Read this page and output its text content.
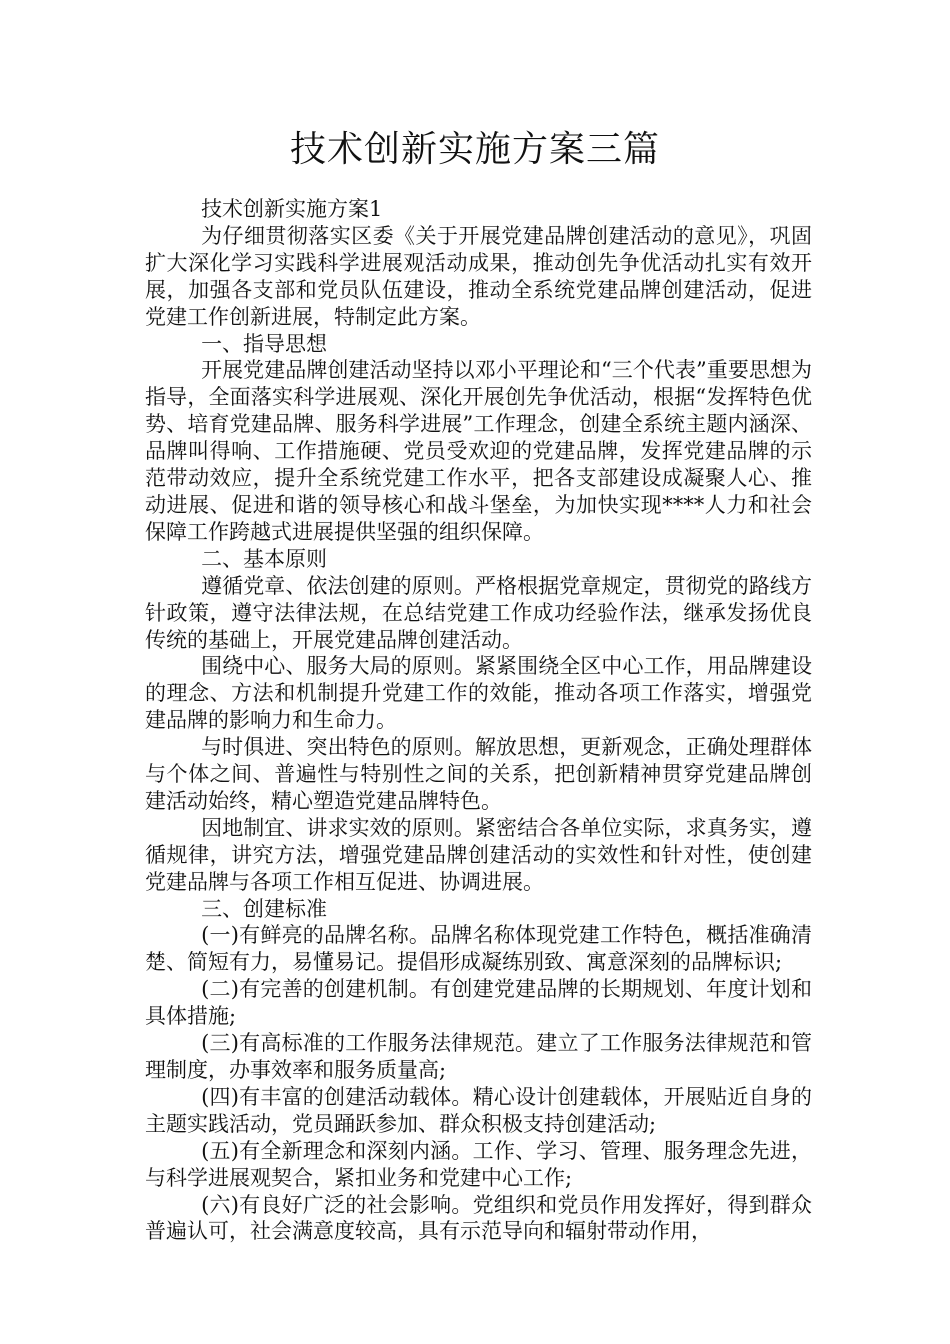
技术创新实施方案三篇

技术创新实施方案1

为仔细贯彻落实区委《关于开展党建品牌创建活动的意见》，巩固扩大深化学习实践科学进展观活动成果，推动创先争优活动扎实有效开展，加强各支部和党员队伍建设，推动全系统党建品牌创建活动，促进党建工作创新进展，特制定此方案。

一、指导思想

开展党建品牌创建活动坚持以邓小平理论和“三个代表”重要思想为指导，全面落实科学进展观、深化开展创先争优活动，根据“发挥特色优势、培育党建品牌、服务科学进展”工作理念，创建全系统主题内涵深、品牌叫得响、工作措施硬、党员受欢迎的党建品牌，发挥党建品牌的示范带动效应，提升全系统党建工作水平，把各支部建设成凝聚人心、推动进展、促进和谐的领导核心和战斗堡垒，为加快实现****人力和社会保障工作跨越式进展提供坚强的组织保障。

二、基本原则

遵循党章、依法创建的原则。严格根据党章规定，贯彻党的路线方针政策，遵守法律法规，在总结党建工作成功经验作法，继承发扬优良传统的基础上，开展党建品牌创建活动。

围绕中心、服务大局的原则。紧紧围绕全区中心工作，用品牌建设的理念、方法和机制提升党建工作的效能，推动各项工作落实，增强党建品牌的影响力和生命力。

与时俱进、突出特色的原则。解放思想，更新观念，正确处理群体与个体之间、普遍性与特别性之间的关系，把创新精神贯穿党建品牌创建活动始终，精心塑造党建品牌特色。

因地制宜、讲求实效的原则。紧密结合各单位实际，求真务实，遵循规律，讲究方法，增强党建品牌创建活动的实效性和针对性，使创建党建品牌与各项工作相互促进、协调进展。

三、创建标准

(一)有鲜亮的品牌名称。品牌名称体现党建工作特色，概括准确清楚、简短有力，易懂易记。提倡形成凝练别致、寓意深刻的品牌标识;

(二)有完善的创建机制。有创建党建品牌的长期规划、年度计划和具体措施;

(三)有高标准的工作服务法律规范。建立了工作服务法律规范和管理制度，办事效率和服务质量高;

(四)有丰富的创建活动载体。精心设计创建载体，开展贴近自身的主题实践活动，党员踊跃参加、群众积极支持创建活动;

(五)有全新理念和深刻内涵。工作、学习、管理、服务理念先进，与科学进展观契合，紧扣业务和党建中心工作;

(六)有良好广泛的社会影响。党组织和党员作用发挥好，得到群众普遍认可，社会满意度较高，具有示范导向和辐射带动作用，
